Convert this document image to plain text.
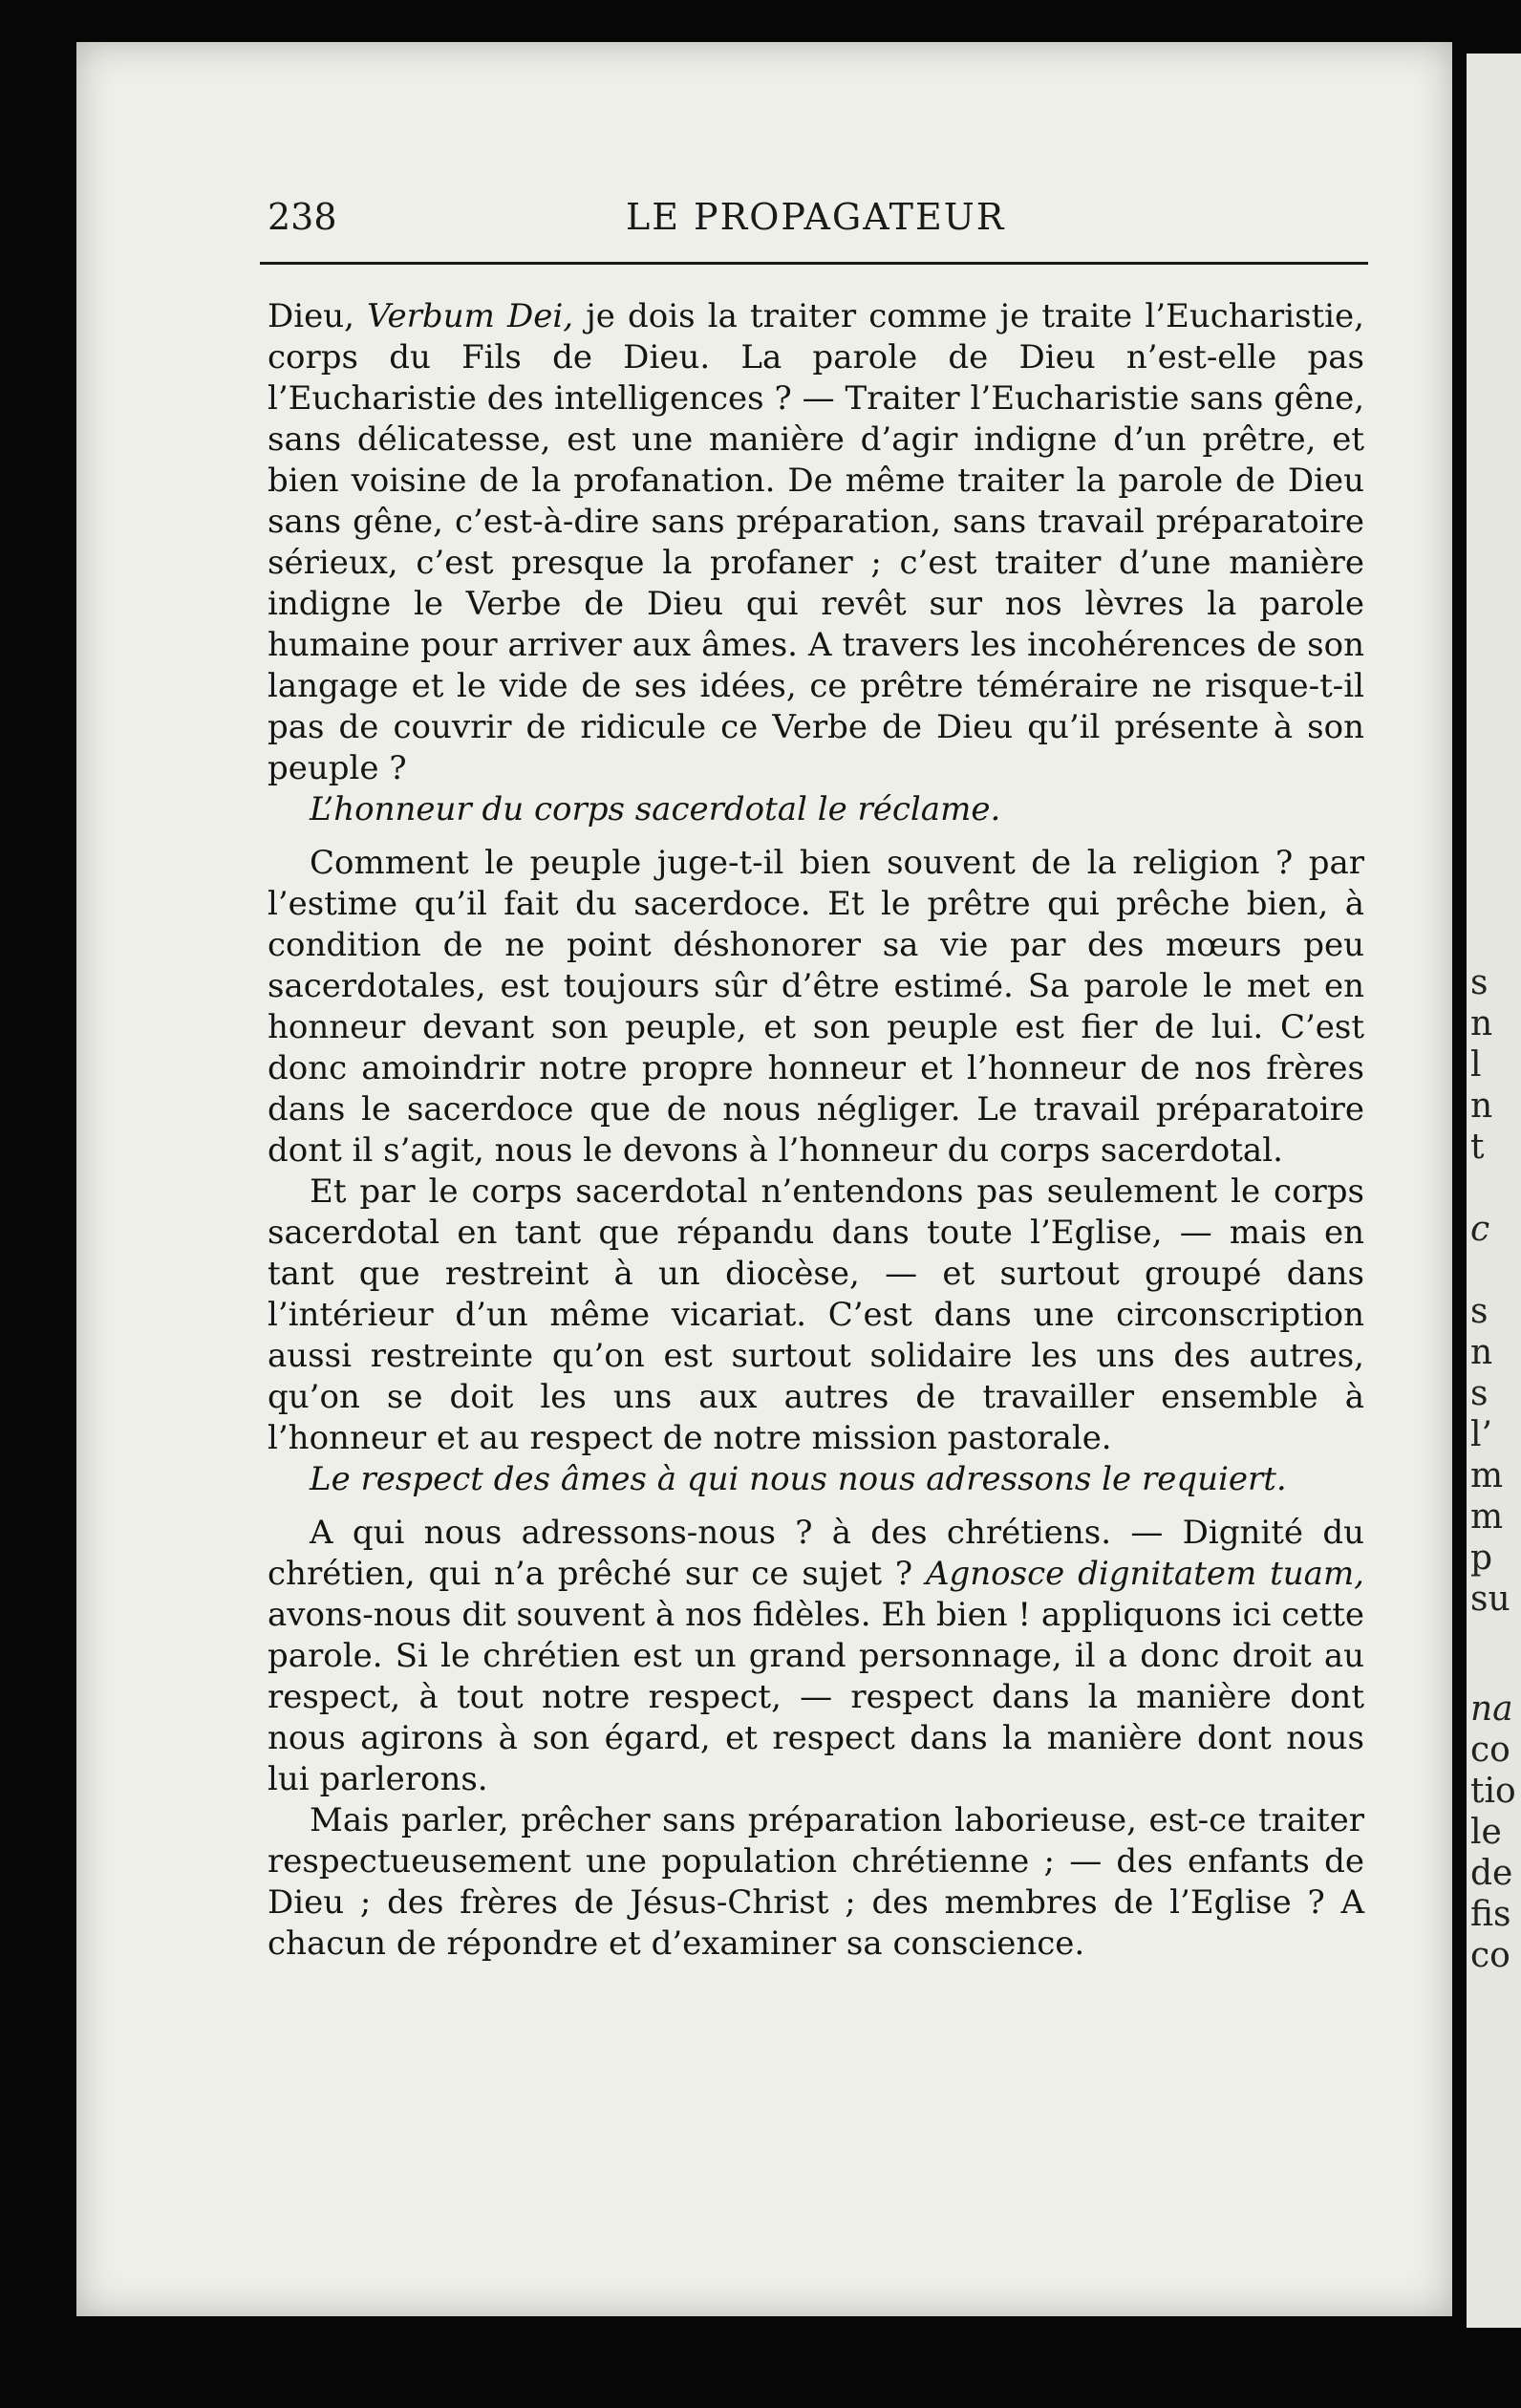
s
n
l
n
t
c
s
n
s
l’
m
m
p
su
na
co
tio
le
de
fis
co
238	LE PROPAGATEUR

Dieu, Verbum Dei, je dois la traiter comme je traite l’Eucharistie, corps du Fils de Dieu. La parole de Dieu n’est-elle pas l’Eucharistie des intelligences ? — Traiter l’Eucharistie sans gêne, sans délicatesse, est une manière d’agir indigne d’un prêtre, et bien voisine de la profanation. De même traiter la parole de Dieu sans gêne, c’est-à-dire sans préparation, sans travail préparatoire sérieux, c’est presque la profaner ; c’est traiter d’une manière indigne le Verbe de Dieu qui revêt sur nos lèvres la parole humaine pour arriver aux âmes. A travers les incohérences de son langage et le vide de ses idées, ce prêtre téméraire ne risque-t-il pas de couvrir de ridicule ce Verbe de Dieu qu’il présente à son peuple ?

L’honneur du corps sacerdotal le réclame.

Comment le peuple juge-t-il bien souvent de la religion ? par l’estime qu’il fait du sacerdoce. Et le prêtre qui prêche bien, à condition de ne point déshonorer sa vie par des mœurs peu sacerdotales, est toujours sûr d’être estimé. Sa parole le met en honneur devant son peuple, et son peuple est fier de lui. C’est donc amoindrir notre propre honneur et l’honneur de nos frères dans le sacerdoce que de nous négliger. Le travail préparatoire dont il s’agit, nous le devons à l’honneur du corps sacerdotal.

Et par le corps sacerdotal n’entendons pas seulement le corps sacerdotal en tant que répandu dans toute l’Eglise, — mais en tant que restreint à un diocèse, — et surtout groupé dans l’intérieur d’un même vicariat. C’est dans une circonscription aussi restreinte qu’on est surtout solidaire les uns des autres, qu’on se doit les uns aux autres de travailler ensemble à l’honneur et au respect de notre mission pastorale.

Le respect des âmes à qui nous nous adressons le requiert.

A qui nous adressons-nous ? à des chrétiens. — Dignité du chrétien, qui n’a prêché sur ce sujet ? Agnosce dignitatem tuam, avons-nous dit souvent à nos fidèles. Eh bien ! appliquons ici cette parole. Si le chrétien est un grand personnage, il a donc droit au respect, à tout notre respect, — respect dans la manière dont nous agirons à son égard, et respect dans la manière dont nous lui parlerons.

Mais parler, prêcher sans préparation laborieuse, est-ce traiter respectueusement une population chrétienne ; — des enfants de Dieu ; des frères de Jésus-Christ ; des membres de l’Eglise ? A chacun de répondre et d’examiner sa conscience.
